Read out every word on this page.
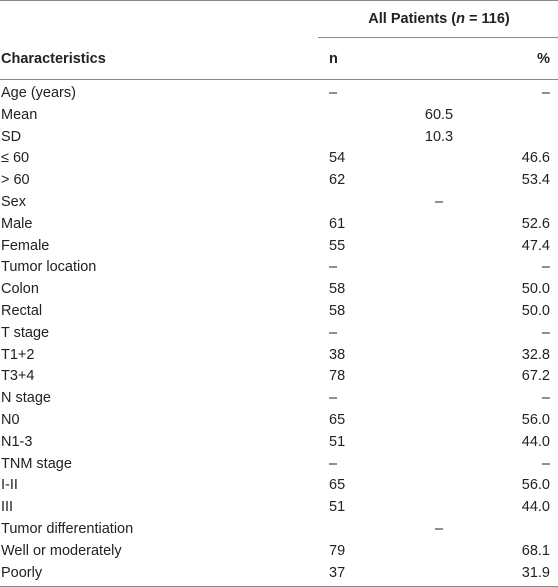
All Patients (n = 116)
Characteristics	n	%
Age (years)	–	–
Mean	60.5
SD	10.3
≤ 60	54	46.6
> 60	62	53.4
Sex	–
Male	61	52.6
Female	55	47.4
Tumor location	–	–
Colon	58	50.0
Rectal	58	50.0
T stage	–	–
T1+2	38	32.8
T3+4	78	67.2
N stage	–	–
N0	65	56.0
N1-3	51	44.0
TNM stage	–	–
I-II	65	56.0
III	51	44.0
Tumor differentiation	–
Well or moderately	79	68.1
Poorly	37	31.9
